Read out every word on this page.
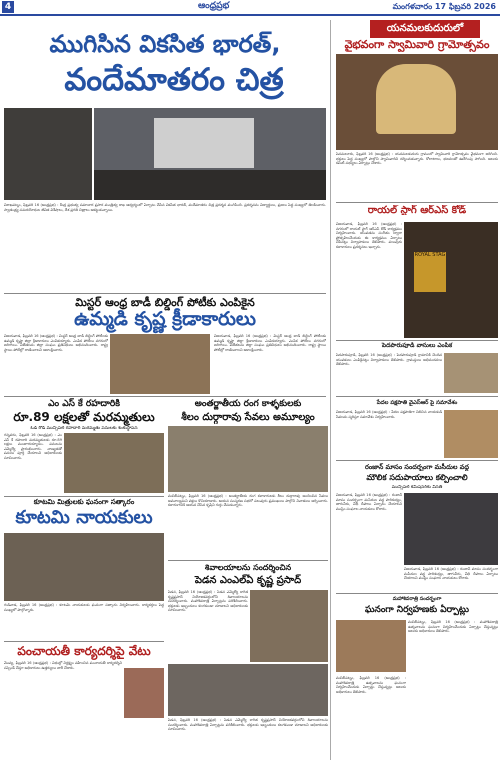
4	ఆంధ్రప్రభ	మంగళవారం 17 ఫిబ్రవరి 2026
ముగిసిన వికసిత భారత్,
వందేమాతరం చిత్ర
విశాఖపట్నం, ఫిబ్రవరి 16 (ఆంధ్రప్రభ) : కేంద్ర ప్రభుత్వ సమాచార ప్రసార మంత్రిత్వ శాఖ ఆధ్వర్యంలో ఏర్పాటు చేసిన వికసిత భారత్, వందేమాతరం చిత్ర ప్రదర్శన ముగిసింది. ప్రదర్శనను విద్యార్థులు, ప్రజలు పెద్ద సంఖ్యలో తిలకించారు. స్వాతంత్ర్య సమరయోధుల జీవిత విశేషాలు, దేశ ప్రగతి చిత్రాలు ఆకట్టుకున్నాయి.
యనమలకుదురులో
వైభవంగా స్వామివారి గ్రామోత్సవం
పెనమలూరు, ఫిబ్రవరి 16 (ఆంధ్రప్రభ) : యనమలకుదురు గ్రామంలో స్వామివారి గ్రామోత్సవం వైభవంగా జరిగింది. భక్తులు పెద్ద సంఖ్యలో పాల్గొని స్వామివారిని దర్శించుకున్నారు. కోలాటాలు, భజనలతో ఊరేగింపు సాగింది. ఆలయ కమిటీ సభ్యులు ఏర్పాట్లు చేశారు.
రాయల్ స్టాగ్ ఆర్ఎస్ కోడ్
విజయవాడ, ఫిబ్రవరి 16 (ఆంధ్రప్రభ) : నగరంలో రాయల్ స్టాగ్ ఆర్ఎస్ కోడ్ కార్యక్రమం నిర్వహించారు. యువతను సంగీతం ద్వారా ప్రోత్సహించేందుకు ఈ కార్యక్రమం ఏర్పాటు చేసినట్లు నిర్వాహకులు తెలిపారు. పలువురు కళాకారులు ప్రదర్శనలు ఇచ్చారు.
ROYAL STAG
మిస్టర్ ఆంధ్ర బాడీ బిల్డింగ్ పోటీకు ఎంపికైన
ఉమ్మడి కృష్ణ క్రీడాకారులు
విజయవాడ, ఫిబ్రవరి 16 (ఆంధ్రప్రభ) : మిస్టర్ ఆంధ్ర బాడీ బిల్డింగ్ పోటీలకు ఉమ్మడి కృష్ణా జిల్లా క్రీడాకారులు ఎంపికయ్యారు. ఎంపిక పోటీలు నగరంలో జరిగాయి. విజేతలను జిల్లా సంఘం ప్రతినిధులు అభినందించారు. రాష్ట్ర స్థాయి పోటీల్లో రాణించాలని ఆకాంక్షించారు.
విజయవాడ, ఫిబ్రవరి 16 (ఆంధ్రప్రభ) : మిస్టర్ ఆంధ్ర బాడీ బిల్డింగ్ పోటీలకు ఉమ్మడి కృష్ణా జిల్లా క్రీడాకారులు ఎంపికయ్యారు. ఎంపిక పోటీలు నగరంలో జరిగాయి. విజేతలను జిల్లా సంఘం ప్రతినిధులు అభినందించారు. రాష్ట్ర స్థాయి పోటీల్లో రాణించాలని ఆకాంక్షించారు.
పెదపారుపూడి వాసులు ఎంపిక
పెదపారుపూడి, ఫిబ్రవరి 16 (ఆంధ్రప్రభ) : పెదపారుపూడి గ్రామానికి చెందిన యువకులు ఎంపికైనట్లు నిర్వాహకులు తెలిపారు. గ్రామస్తులు అభినందనలు తెలిపారు.
ఎం ఎస్ కే రహదారికి
రూ.89 లక్షలతో మరమ్మతులు
ఓడీ రోడ్ మున్సిపల్ రహదారి మరమ్మతు పనులకు శంకుస్థాపన
గన్నవరం, ఫిబ్రవరి 16 (ఆంధ్రప్రభ) : ఎం ఎస్ కే రహదారి మరమ్మతులకు రూ.89 లక్షలు మంజూరయ్యాయి. పనులను ఎమ్మెల్యే ప్రారంభించారు. నాణ్యతతో పనులు పూర్తి చేయాలని అధికారులకు సూచించారు.
అంతర్జాతీయ రంగ కాళ్ళకులకు
శీలం దుర్గారావు సేవలు అమూల్యం
మచిలీపట్నం, ఫిబ్రవరి 16 (ఆంధ్రప్రభ) : అంతర్జాతీయ రంగ కళాకారులకు శీలం దుర్గారావు అందించిన సేవలు అమూల్యమని వక్తలు కొనియాడారు. ఆయన సంస్మరణ సభలో పలువురు ప్రముఖులు పాల్గొని నివాళులు అర్పించారు. కళారంగానికి ఆయన చేసిన కృషిని గుర్తు చేసుకున్నారు.
కూటమి మిత్రులకు ఘనంగా సత్కారం
కూటమి నాయకులు
గుడివాడ, ఫిబ్రవరి 16 (ఆంధ్రప్రభ) : కూటమి నాయకులకు ఘనంగా సత్కారం నిర్వహించారు. కార్యకర్తలు పెద్ద సంఖ్యలో పాల్గొన్నారు.
పంచాయతీ కార్యదర్శిపై వేటు
మొవ్వ, ఫిబ్రవరి 16 (ఆంధ్రప్రభ) : విధుల్లో నిర్లక్ష్యం వహించిన పంచాయతీ కార్యదర్శిని సస్పెండ్ చేస్తూ అధికారులు ఉత్తర్వులు జారీ చేశారు.
శివాలయాలను సందర్శించిన
పెడన ఎంఎల్‌ఏ కృష్ణ ప్రసాద్
పెడన, ఫిబ్రవరి 16 (ఆంధ్రప్రభ) : పెడన ఎమ్మెల్యే కాగిత కృష్ణప్రసాద్ నియోజకవర్గంలోని శివాలయాలను సందర్శించారు. మహాశివరాత్రి ఏర్పాట్లను పరిశీలించారు. భక్తులకు ఇబ్బందులు కలగకుండా చూడాలని అధికారులకు సూచించారు.
పెడన, ఫిబ్రవరి 16 (ఆంధ్రప్రభ) : పెడన ఎమ్మెల్యే కాగిత కృష్ణప్రసాద్ నియోజకవర్గంలోని శివాలయాలను సందర్శించారు. మహాశివరాత్రి ఏర్పాట్లను పరిశీలించారు. భక్తులకు ఇబ్బందులు కలగకుండా చూడాలని అధికారులకు సూచించారు.
పేదల పక్షపాతి వైఎస్ఆర్ పై సమావేశం
విజయవాడ, ఫిబ్రవరి 16 (ఆంధ్రప్రభ) : పేదల పక్షపాతిగా నిలిచిన నాయకుడి సేవలను స్మరిస్తూ సమావేశం నిర్వహించారు.
రంజాన్ మాసం సందర్భంగా మసీదుల వద్ద
మౌలిక సదుపాయాలు కల్పించాలి
మున్సిపల్ కమిషనర్‌కు వినతి
విజయవాడ, ఫిబ్రవరి 16 (ఆంధ్రప్రభ) : రంజాన్ మాసం సందర్భంగా మసీదుల వద్ద పారిశుధ్యం, తాగునీరు, వీధి దీపాలు ఏర్పాటు చేయాలని ముస్లిం సంఘాల నాయకులు కోరారు.
విజయవాడ, ఫిబ్రవరి 16 (ఆంధ్రప్రభ) : రంజాన్ మాసం సందర్భంగా మసీదుల వద్ద పారిశుధ్యం, తాగునీరు, వీధి దీపాలు ఏర్పాటు చేయాలని ముస్లిం సంఘాల నాయకులు కోరారు.
మహాశివరాత్రి సందర్భంగా
ఘనంగా నిర్వహణకు ఏర్పాట్లు
మచిలీపట్నం, ఫిబ్రవరి 16 (ఆంధ్రప్రభ) : మహాశివరాత్రి ఉత్సవాలను ఘనంగా నిర్వహించేందుకు ఏర్పాట్లు చేస్తున్నట్లు ఆలయ అధికారులు తెలిపారు.
మచిలీపట్నం, ఫిబ్రవరి 16 (ఆంధ్రప్రభ) : మహాశివరాత్రి ఉత్సవాలను ఘనంగా నిర్వహించేందుకు ఏర్పాట్లు చేస్తున్నట్లు ఆలయ అధికారులు తెలిపారు.
